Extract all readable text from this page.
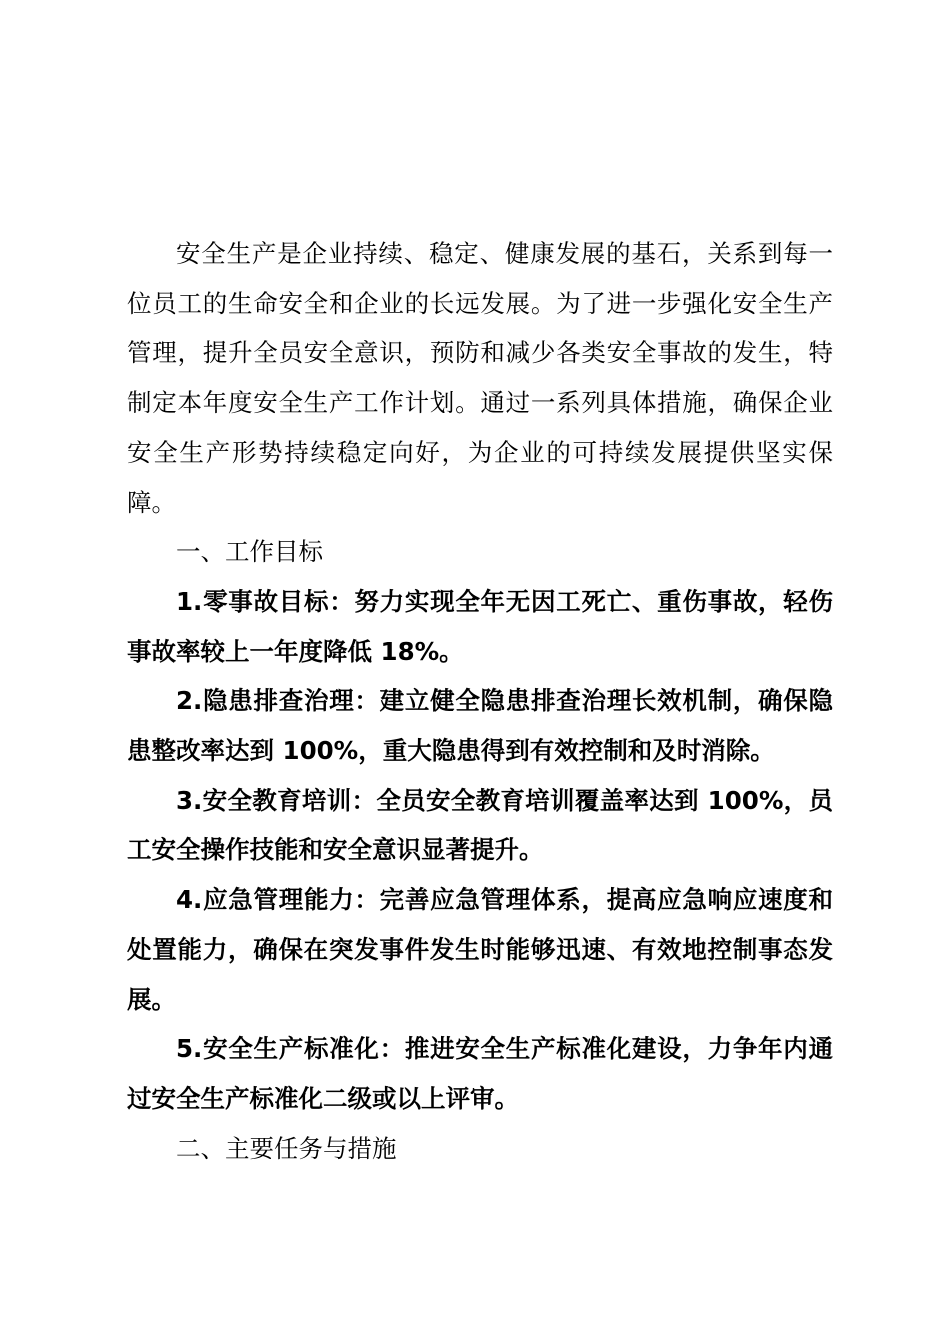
安全生产是企业持续、稳定、健康发展的基石，关系到每一位员工的生命安全和企业的长远发展。为了进一步强化安全生产管理，提升全员安全意识，预防和减少各类安全事故的发生，特制定本年度安全生产工作计划。通过一系列具体措施，确保企业安全生产形势持续稳定向好，为企业的可持续发展提供坚实保障。

一、工作目标

1.零事故目标：努力实现全年无因工死亡、重伤事故，轻伤事故率较上一年度降低 18%。

2.隐患排查治理：建立健全隐患排查治理长效机制，确保隐患整改率达到 100%，重大隐患得到有效控制和及时消除。

3.安全教育培训：全员安全教育培训覆盖率达到 100%，员工安全操作技能和安全意识显著提升。

4.应急管理能力：完善应急管理体系，提高应急响应速度和处置能力，确保在突发事件发生时能够迅速、有效地控制事态发展。

5.安全生产标准化：推进安全生产标准化建设，力争年内通过安全生产标准化二级或以上评审。

二、主要任务与措施
